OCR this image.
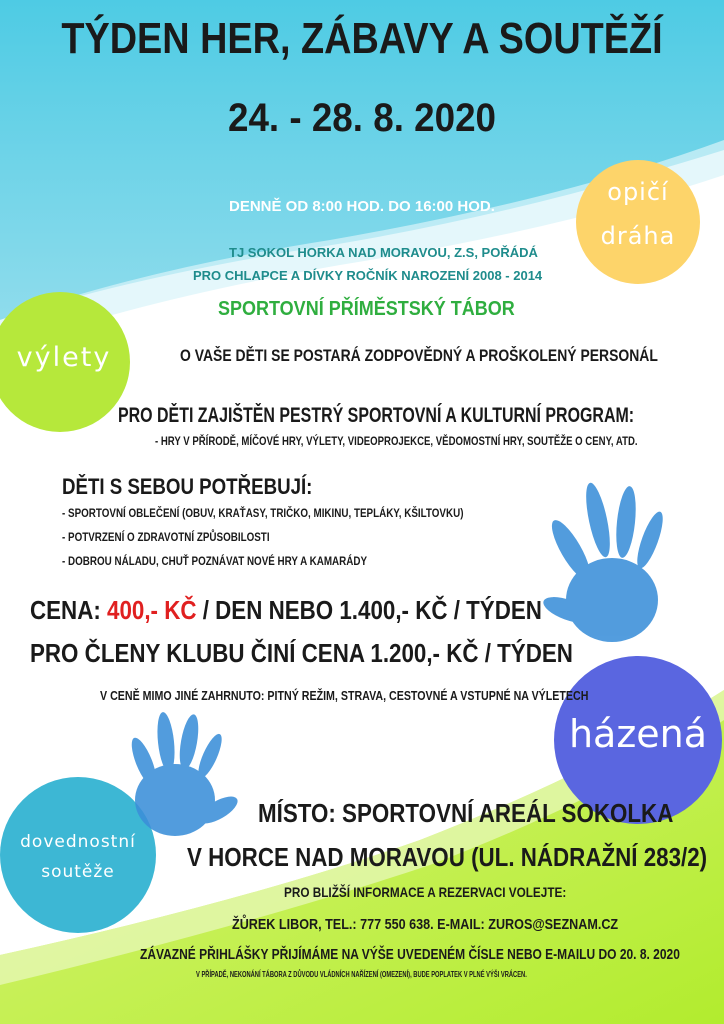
TÝDEN HER, ZÁBAVY A SOUTĚŽÍ
24. - 28. 8. 2020
DENNĚ OD 8:00 HOD. DO 16:00 HOD.
TJ SOKOL HORKA NAD MORAVOU, Z.S, POŘÁDÁ
PRO CHLAPCE A DÍVKY ROČNÍK NAROZENÍ 2008 - 2014
SPORTOVNÍ PŘÍMĚSTSKÝ TÁBOR
O VAŠE DĚTI SE POSTARÁ ZODPOVĚDNÝ A PROŠKOLENÝ PERSONÁL
PRO DĚTI ZAJIŠTĚN PESTRÝ SPORTOVNÍ A KULTURNÍ PROGRAM:
- HRY V PŘÍRODĚ, MÍČOVÉ HRY, VÝLETY, VIDEOPROJEKCE, VĚDOMOSTNÍ HRY, SOUTĚŽE O CENY, ATD.
DĚTI S SEBOU POTŘEBUJÍ:
- SPORTOVNÍ OBLEČENÍ (OBUV, KRAŤASY, TRIČKO, MIKINU, TEPLÁKY, KŠILTOVKU)
- POTVRZENÍ O ZDRAVOTNÍ ZPŮSOBILOSTI
- DOBROU NÁLADU, CHUŤ POZNÁVAT NOVÉ HRY A KAMARÁDY
CENA: 400,- KČ / DEN NEBO 1.400,- KČ / TÝDEN
PRO ČLENY KLUBU ČINÍ CENA 1.200,- KČ / TÝDEN
V CENĚ MIMO JINÉ ZAHRNUTO: PITNÝ REŽIM, STRAVA, CESTOVNÉ A VSTUPNÉ NA VÝLETECH
MÍSTO: SPORTOVNÍ AREÁL SOKOLKA
V HORCE NAD MORAVOU (UL. NÁDRAŽNÍ 283/2)
PRO BLIŽŠÍ INFORMACE A REZERVACI VOLEJTE:
ŽŮREK LIBOR, TEL.: 777 550 638. E-MAIL: ZUROS@SEZNAM.CZ
ZÁVAZNÉ PŘIHLÁŠKY PŘIJÍMÁME NA VÝŠE UVEDENÉM ČÍSLE NEBO E-MAILU DO 20. 8. 2020
V PŘÍPADĚ, NEKONÁNÍ TÁBORA Z DŮVODU VLÁDNÍCH NAŘÍZENÍ (OMEZENÍ), BUDE POPLATEK V PLNÉ VÝŠI VRÁCEN.
opičí
dráha
výlety
házená
dovednostní
soutěže
